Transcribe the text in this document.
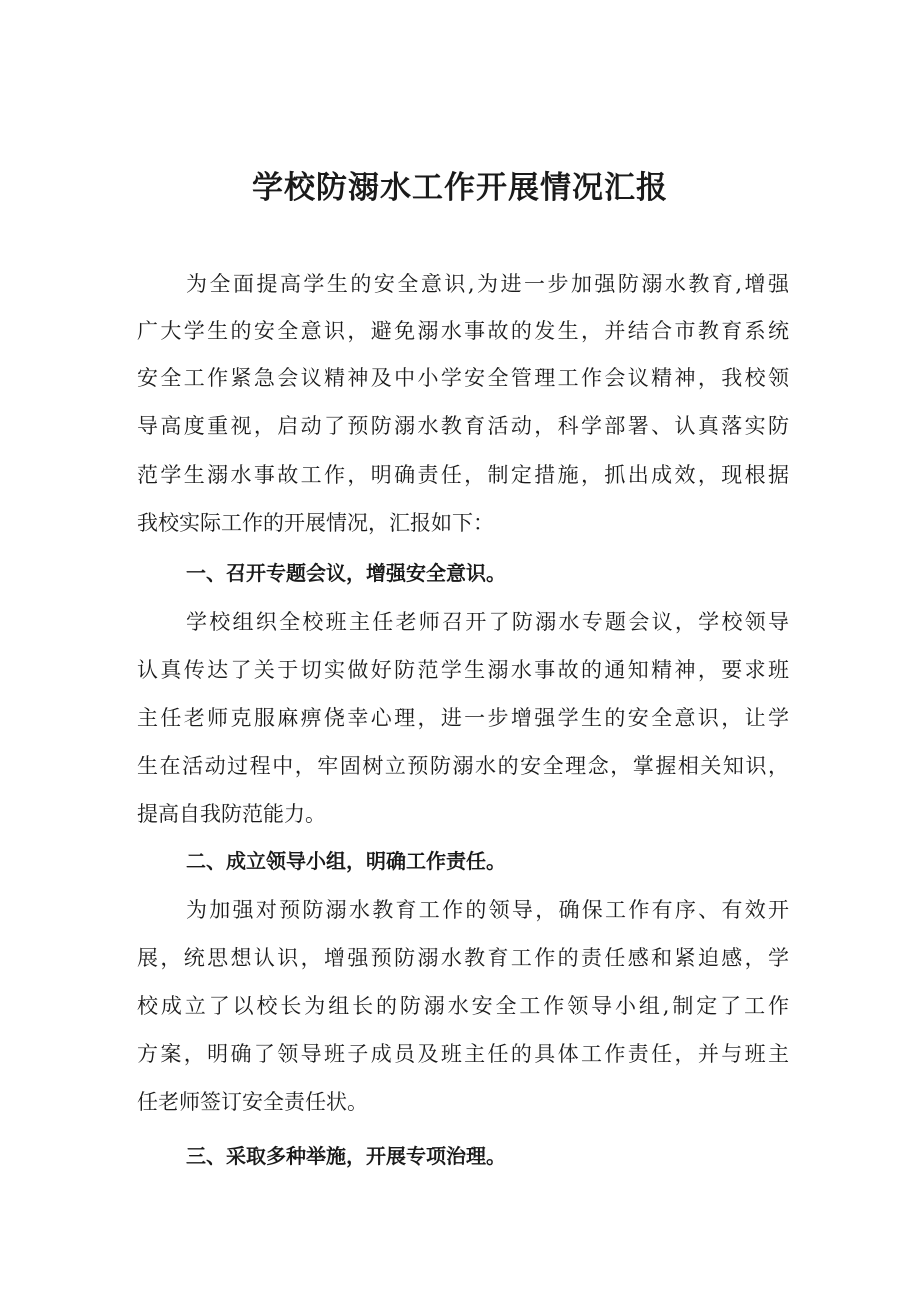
学校防溺水工作开展情况汇报
为全面提高学生的安全意识,为进一步加强防溺水教育,增强
广大学生的安全意识，避免溺水事故的发生，并结合市教育系统
安全工作紧急会议精神及中小学安全管理工作会议精神，我校领
导高度重视，启动了预防溺水教育活动，科学部署、认真落实防
范学生溺水事故工作，明确责任，制定措施，抓出成效，现根据
我校实际工作的开展情况，汇报如下：
一、召开专题会议，增强安全意识。
学校组织全校班主任老师召开了防溺水专题会议，学校领导
认真传达了关于切实做好防范学生溺水事故的通知精神，要求班
主任老师克服麻痹侥幸心理，进一步增强学生的安全意识，让学
生在活动过程中，牢固树立预防溺水的安全理念，掌握相关知识，
提高自我防范能力。
二、成立领导小组，明确工作责任。
为加强对预防溺水教育工作的领导，确保工作有序、有效开
展，统思想认识，增强预防溺水教育工作的责任感和紧迫感，学
校成立了以校长为组长的防溺水安全工作领导小组,制定了工作
方案，明确了领导班子成员及班主任的具体工作责任，并与班主
任老师签订安全责任状。
三、采取多种举施，开展专项治理。
